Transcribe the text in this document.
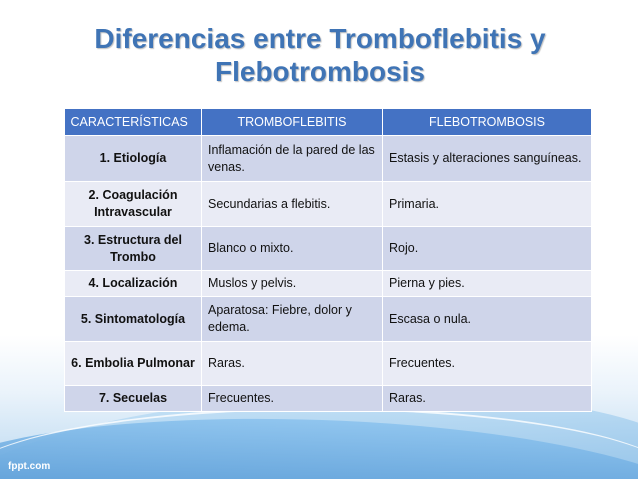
Diferencias entre Tromboflebitis y
Flebotrombosis
CARACTERÍSTICAS	TROMBOFLEBITIS	FLEBOTROMBOSIS
1. Etiología	Inflamación de la pared de las venas.	Estasis y alteraciones sanguíneas.
2. Coagulación Intravascular	Secundarias a flebitis.	Primaria.
3. Estructura del Trombo	Blanco o mixto.	Rojo.
4. Localización	Muslos y pelvis.	Pierna y pies.
5. Sintomatología	Aparatosa: Fiebre, dolor y edema.	Escasa o nula.
6. Embolia Pulmonar	Raras.	Frecuentes.
7. Secuelas	Frecuentes.	Raras.
fppt.com
